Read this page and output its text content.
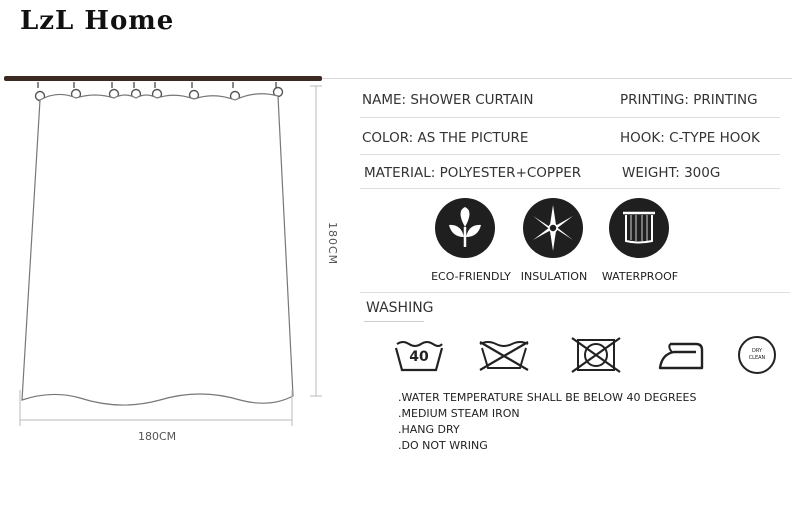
LzL Home
180CM
180CM
NAME: SHOWER CURTAIN	PRINTING: PRINTING
COLOR: AS THE PICTURE	HOOK: C-TYPE HOOK
MATERIAL: POLYESTER+COPPER	WEIGHT: 300G
ECO-FRIENDLY INSULATION	WATERPROOF
WASHING
40	DRY
CLEAN
.WATER TEMPERATURE SHALL BE BELOW 40 DEGREES
.MEDIUM STEAM IRON
.HANG DRY
.DO NOT WRING
